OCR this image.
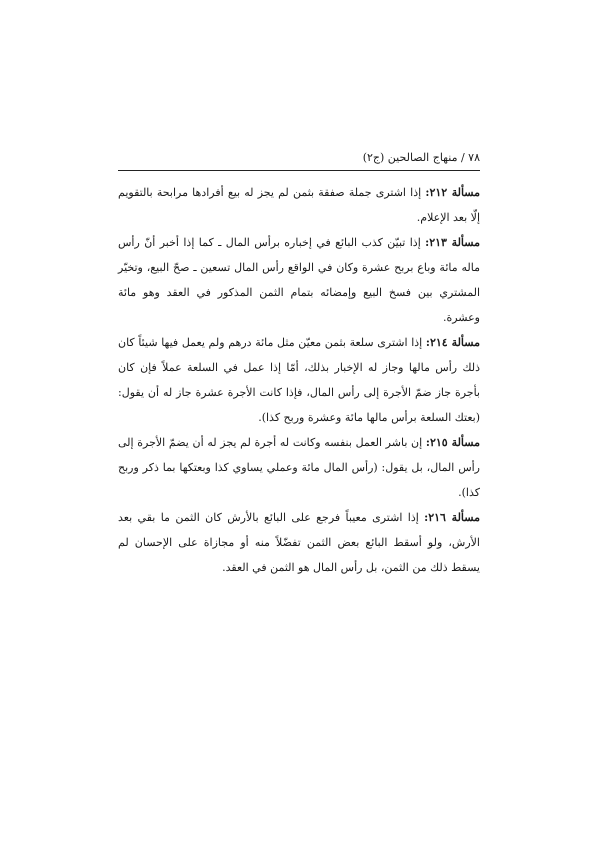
٧٨ / منهاج الصالحين (ج٢)

مسألة ٢١٢: إذا اشترى جملة صفقة بثمن لم يجز له بيع أفرادها مرابحة بالتقويم إلّا بعد الإعلام.

مسألة ٢١٣: إذا تبيّن كذب البائع في إخباره برأس المال ـ كما إذا أخبر أنّ رأس ماله مائة وباع بربح عشرة وكان في الواقع رأس المال تسعين ـ صحّ البيع، وتخيّر المشتري بين فسخ البيع وإمضائه بتمام الثمن المذكور في العقد وهو مائة وعشرة.

مسألة ٢١٤: إذا اشترى سلعة بثمن معيّن مثل مائة درهم ولم يعمل فيها شيئاً كان ذلك رأس مالها وجاز له الإخبار بذلك، أمّا إذا عمل في السلعة عملاً فإن كان بأجرة جاز ضمّ الأجرة إلى رأس المال، فإذا كانت الأجرة عشرة جاز له أن يقول: (بعتك السلعة برأس مالها مائة وعشرة وربح كذا).

مسألة ٢١٥: إن باشر العمل بنفسه وكانت له أجرة لم يجز له أن يضمّ الأجرة إلى رأس المال، بل يقول: (رأس المال مائة وعملي يساوي كذا وبعتكها بما ذكر وربح كذا).

مسألة ٢١٦: إذا اشترى معيباً فرجع على البائع بالأرش كان الثمن ما بقي بعد الأرش، ولو أسقط البائع بعض الثمن تفضّلاً منه أو مجازاة على الإحسان لم يسقط ذلك من الثمن، بل رأس المال هو الثمن في العقد.
